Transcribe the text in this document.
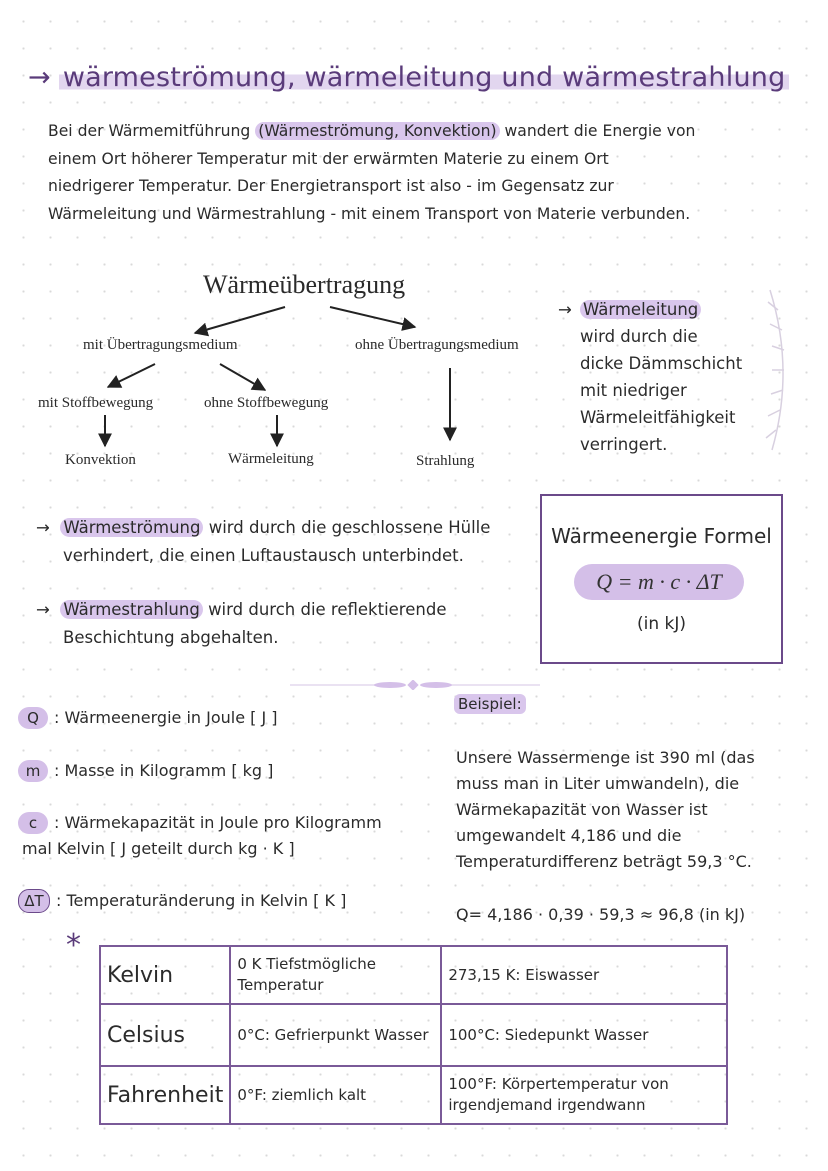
→ wärmeströmung, wärmeleitung und wärmestrahlung

Bei der Wärmemitführung (Wärmeströmung, Konvektion) wandert die Energie von

einem Ort höherer Temperatur mit der erwärmten Materie zu einem Ort

niedrigerer Temperatur. Der Energietransport ist also - im Gegensatz zur

Wärmeleitung und Wärmestrahlung - mit einem Transport von Materie verbunden.

Wärmeübertragung
mit Übertragungsmedium	ohne Übertragungsmedium
mit Stoffbewegung	ohne Stoffbewegung
Konvektion	Wärmeleitung	Strahlung

→ Wärmeleitung

wird durch die

dicke Dämmschicht

mit niedriger

Wärmeleitfähigkeit

verringert.

→ Wärmeströmung wird durch die geschlossene Hülle

verhindert, die einen Luftaustausch unterbindet.

→ Wärmestrahlung wird durch die reflektierende

Beschichtung abgehalten.

Wärmeenergie Formel
Q = m · c · ΔT
(in kJ)
Q : Wärmeenergie in Joule [ J ]
m : Masse in Kilogramm [ kg ]
c : Wärmekapazität in Joule pro Kilogramm
mal Kelvin [ J geteilt durch kg · K ]
ΔT : Temperaturänderung in Kelvin [ K ]
Beispiel:

Unsere Wassermenge ist 390 ml (das

muss man in Liter umwandeln), die

Wärmekapazität von Wasser ist

umgewandelt 4,186 und die

Temperaturdifferenz beträgt 59,3 °C.

Q= 4,186 · 0,39 · 59,3 ≈ 96,8 (in kJ)
*
Kelvin	0 K Tiefstmögliche Temperatur	273,15 K: Eiswasser
Celsius	0°C: Gefrierpunkt Wasser	100°C: Siedepunkt Wasser
Fahrenheit	0°F: ziemlich kalt	100°F: Körpertemperatur von irgendjemand irgendwann
